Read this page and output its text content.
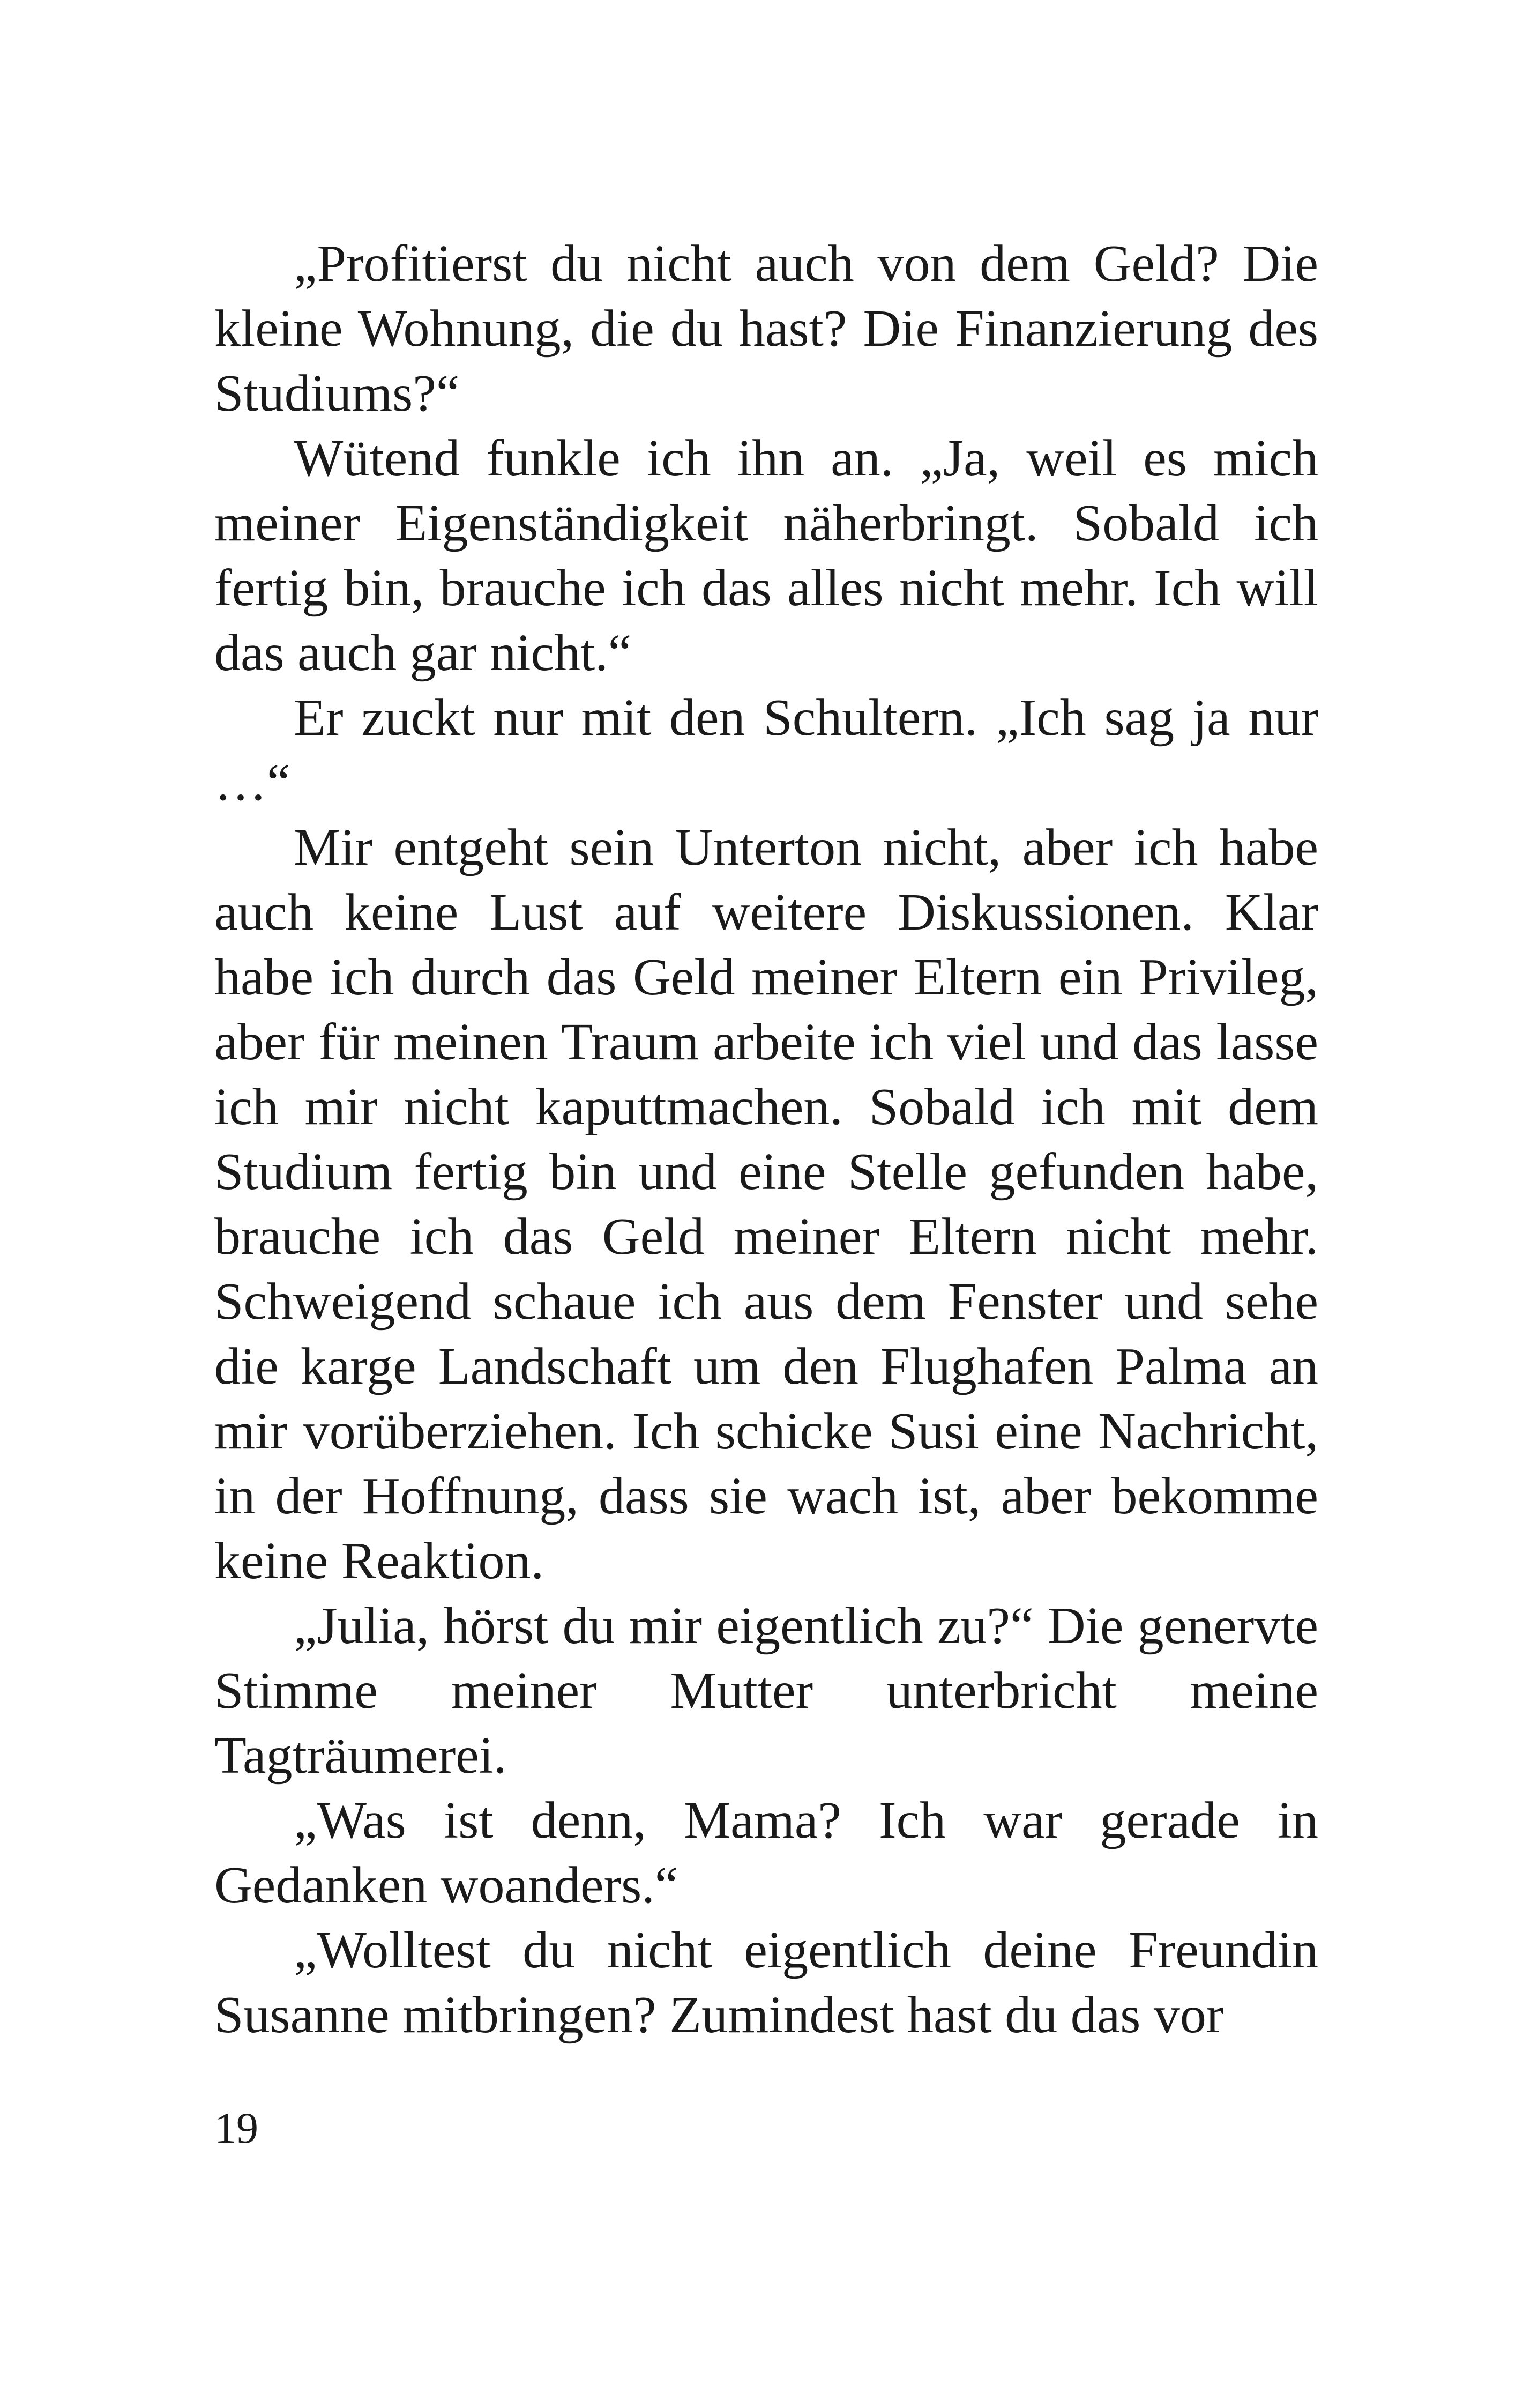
„Profitierst du nicht auch von dem Geld? Die kleine Wohnung, die du hast? Die Finanzierung des Studiums?“

Wütend funkle ich ihn an. „Ja, weil es mich meiner Eigenständigkeit näherbringt. Sobald ich fertig bin, brauche ich das alles nicht mehr. Ich will das auch gar nicht.“

Er zuckt nur mit den Schultern. „Ich sag ja nur …“

Mir entgeht sein Unterton nicht, aber ich habe auch keine Lust auf weitere Diskussionen. Klar habe ich durch das Geld meiner Eltern ein Privileg, aber für meinen Traum arbeite ich viel und das lasse ich mir nicht kaputtmachen. Sobald ich mit dem Studium fertig bin und eine Stelle gefunden habe, brauche ich das Geld meiner Eltern nicht mehr. Schweigend schaue ich aus dem Fenster und sehe die karge Landschaft um den Flughafen Palma an mir vorüberziehen. Ich schicke Susi eine Nachricht, in der Hoffnung, dass sie wach ist, aber bekomme keine Reaktion.

„Julia, hörst du mir eigentlich zu?“ Die genervte Stimme meiner Mutter unterbricht meine Tagträumerei.

„Was ist denn, Mama? Ich war gerade in Gedanken woanders.“

„Wolltest du nicht eigentlich deine Freundin Susanne mitbringen? Zumindest hast du das vor

19
